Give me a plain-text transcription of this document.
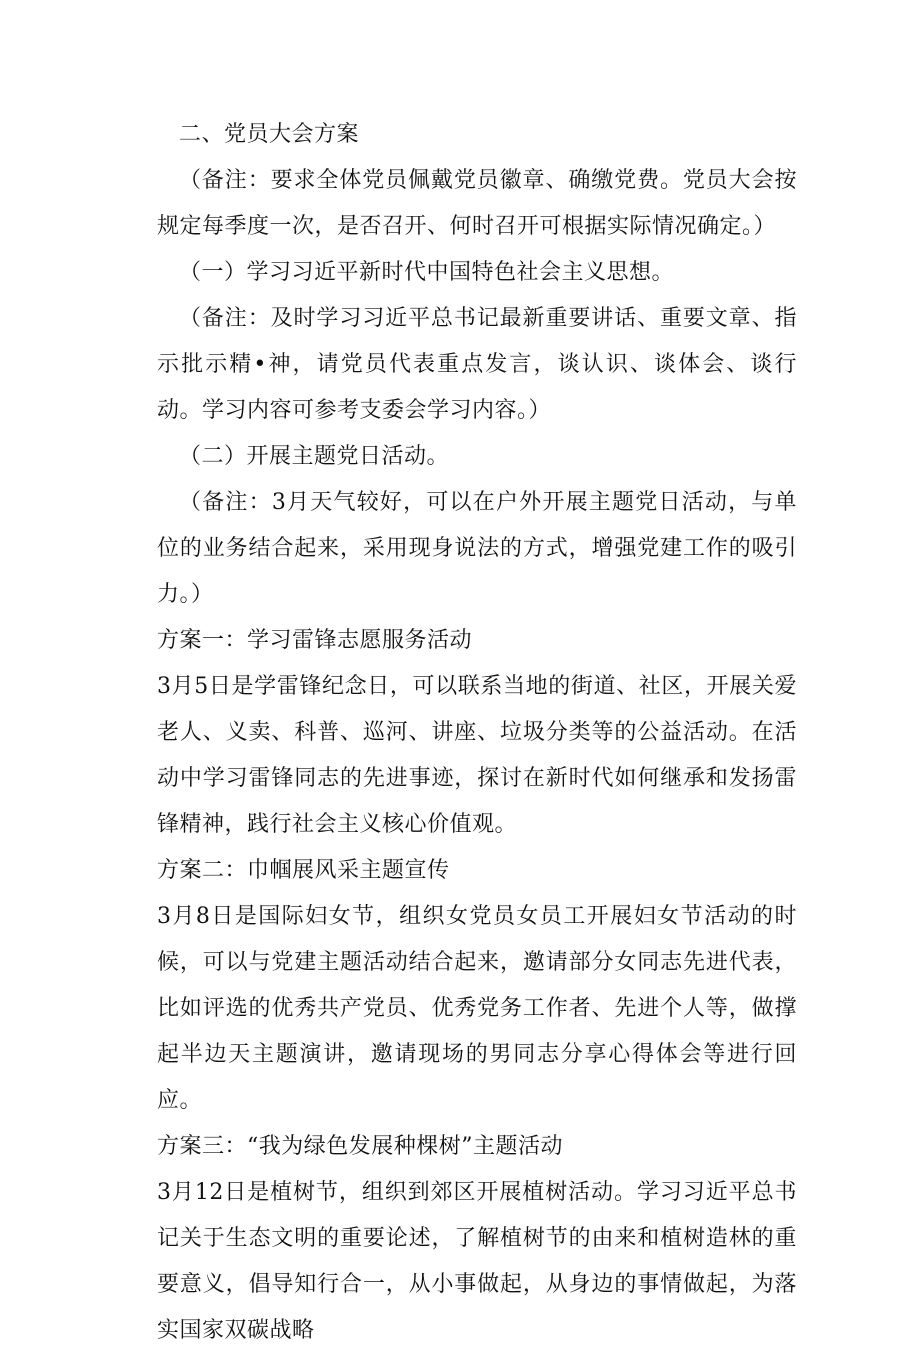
二、党员大会方案

（备注：要求全体党员佩戴党员徽章、确缴党费。党员大会按规定每季度一次，是否召开、何时召开可根据实际情况确定。）

（一）学习习近平新时代中国特色社会主义思想。

（备注：及时学习习近平总书记最新重要讲话、重要文章、指示批示精•神，请党员代表重点发言，谈认识、谈体会、谈行动。学习内容可参考支委会学习内容。）

（二）开展主题党日活动。

（备注：3月天气较好，可以在户外开展主题党日活动，与单位的业务结合起来，采用现身说法的方式，增强党建工作的吸引力。）

方案一：学习雷锋志愿服务活动

3月5日是学雷锋纪念日，可以联系当地的街道、社区，开展关爱老人、义卖、科普、巡河、讲座、垃圾分类等的公益活动。在活动中学习雷锋同志的先进事迹，探讨在新时代如何继承和发扬雷锋精神，践行社会主义核心价值观。

方案二：巾帼展风采主题宣传

3月8日是国际妇女节，组织女党员女员工开展妇女节活动的时候，可以与党建主题活动结合起来，邀请部分女同志先进代表，比如评选的优秀共产党员、优秀党务工作者、先进个人等，做撑起半边天主题演讲，邀请现场的男同志分享心得体会等进行回应。

方案三：“我为绿色发展种棵树”主题活动

3月12日是植树节，组织到郊区开展植树活动。学习习近平总书记关于生态文明的重要论述，了解植树节的由来和植树造林的重要意义，倡导知行合一，从小事做起，从身边的事情做起，为落实国家双碳战略
